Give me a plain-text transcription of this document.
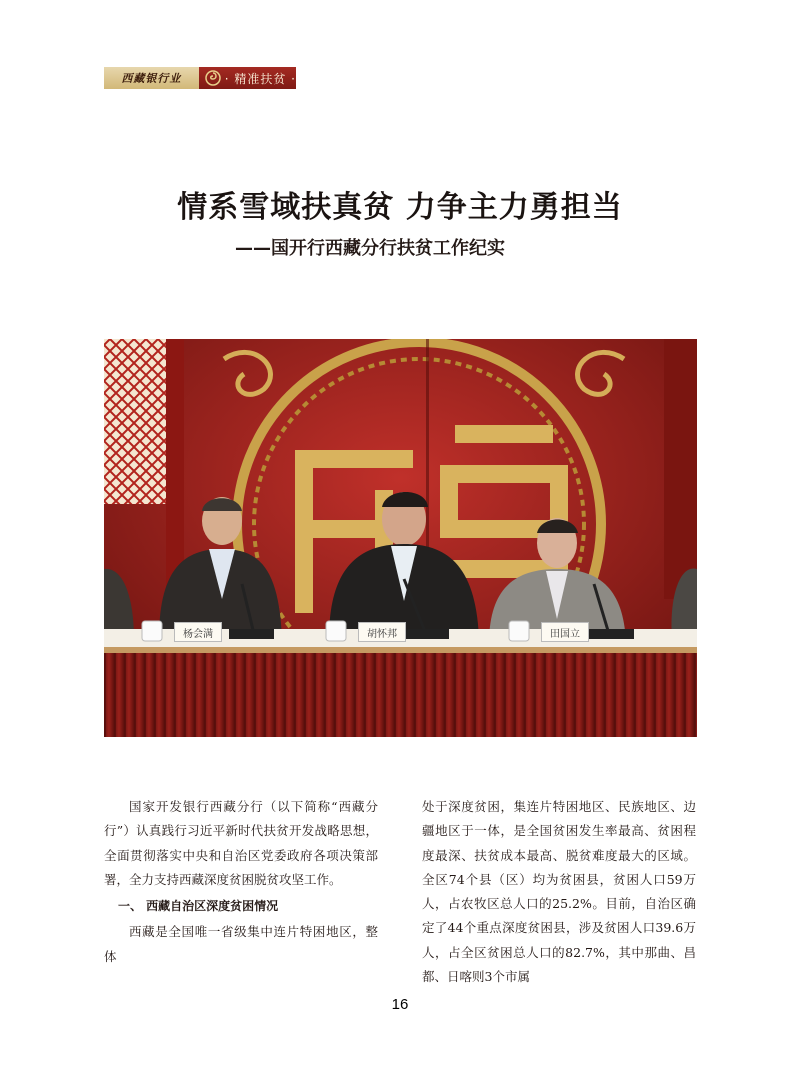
西藏银行业	· 精准扶贫 ·
情系雪域扶真贫 力争主力勇担当
——国开行西藏分行扶贫工作纪实
杨会满	胡怀邦	田国立

国家开发银行西藏分行（以下简称“西藏分行”）认真践行习近平新时代扶贫开发战略思想，全面贯彻落实中央和自治区党委政府各项决策部署，全力支持西藏深度贫困脱贫攻坚工作。

一、 西藏自治区深度贫困情况

西藏是全国唯一省级集中连片特困地区，整体

处于深度贫困，集连片特困地区、民族地区、边疆地区于一体，是全国贫困发生率最高、贫困程度最深、扶贫成本最高、脱贫难度最大的区域。全区74个县（区）均为贫困县，贫困人口59万人，占农牧区总人口的25.2%。目前，自治区确定了44个重点深度贫困县，涉及贫困人口39.6万人，占全区贫困总人口的82.7%，其中那曲、昌都、日喀则3个市属

16
